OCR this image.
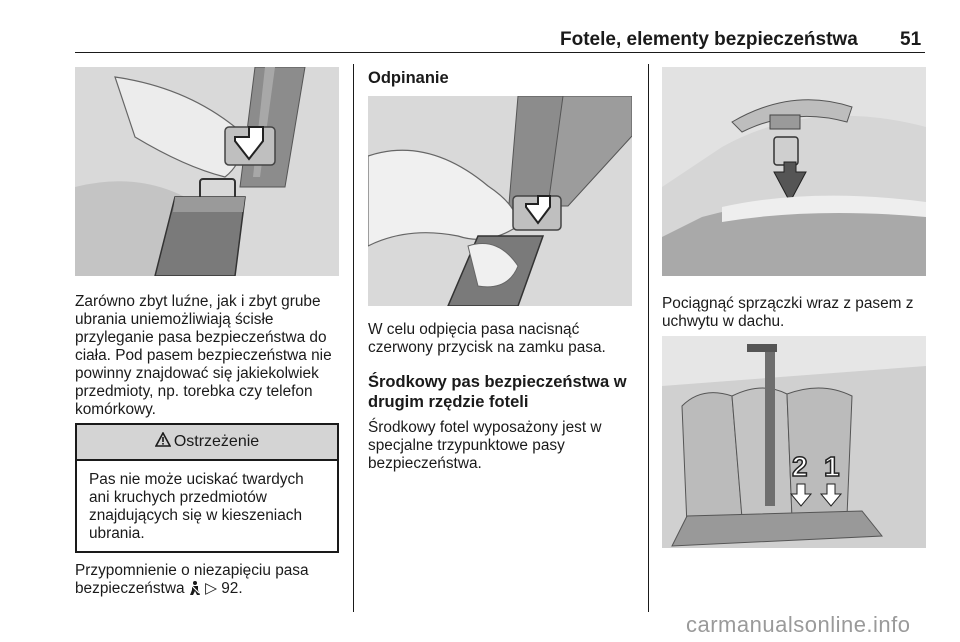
Fotele, elementy bezpieczeństwa 51
Zarówno zbyt luźne, jak i zbyt grube ubrania uniemożliwiają ścisłe przyleganie pasa bezpieczeństwa do ciała. Pod pasem bezpieczeństwa nie powinny znajdować się jakiekolwiek przedmioty, np. torebka czy telefon komórkowy.
Ostrzeżenie
Pas nie może uciskać twardych ani kruchych przedmiotów znajdujących się w kieszeniach ubrania.
Przypomnienie o niezapięciu pasa
bezpieczeństwa ▷ 92.
Odpinanie
W celu odpięcia pasa nacisnąć czerwony przycisk na zamku pasa.
Środkowy pas bezpieczeństwa w drugim rzędzie foteli
Środkowy fotel wyposażony jest w specjalne trzypunktowe pasy bezpieczeństwa.
Pociągnąć sprzączki wraz z pasem z uchwytu w dachu.
2 1
carmanualsonline.info
